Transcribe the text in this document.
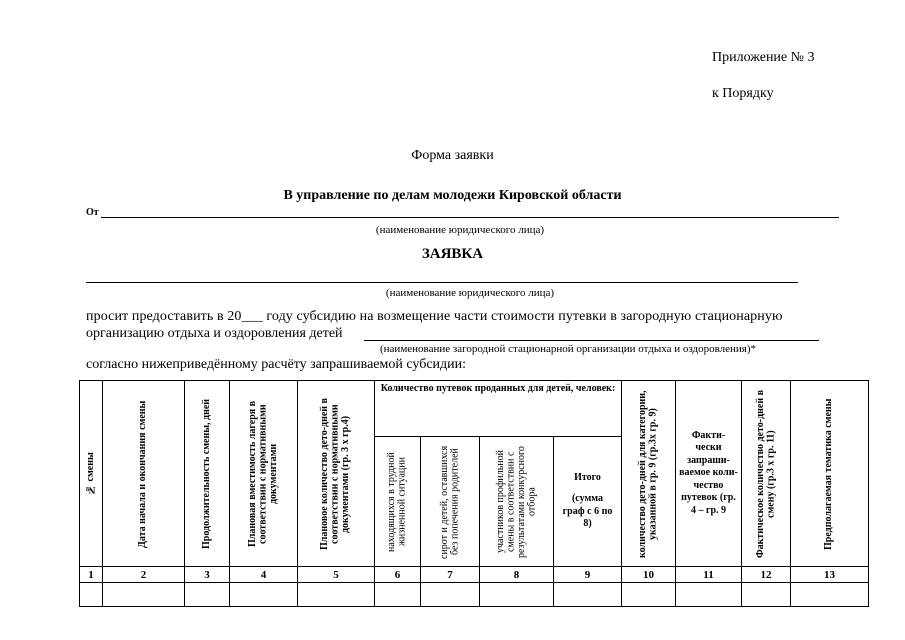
Приложение № 3
к Порядку
Форма заявки
В управление по делам молодежи Кировской области
От
(наименование юридического лица)
ЗАЯВКА
(наименование юридического лица)
просит предоставить в 20___ году субсидию на возмещение части стоимости путевки в загородную стационарную
организацию отдыха и оздоровления детей
(наименование загородной стационарной организации отдыха и оздоровления)*
согласно нижеприведённому расчёту запрашиваемой субсидии:
№ смены	Дата начала и окончания смены	Продолжительность смены, дней	Плановая вместимость лагеря в соответствии с нормативными документами	Плановое количество дето-дней в соответствии с нормативными документами (гр. 3 х гр.4)	Количество путевок проданных для детей, человек:				количество дето-дней для категории, указанной в гр. 9 (гр.3х гр. 9)	Факти-чески запраши-ваемое коли-чество путевок (гр. 4 – гр. 9	Фактическое количество дето-дней в смену (гр.3 х гр. 11)	Предполагаемая тематика смены

					находящихся в трудной жизненной ситуации	сирот и детей, оставшихся без попечения родителей	участников профильной смены в соответствии с результатами конкурсного отбора	Итого
(сумма граф с 6 по 8)				

1	2	3	4	5	6	7	8	9	10	11	12	13
